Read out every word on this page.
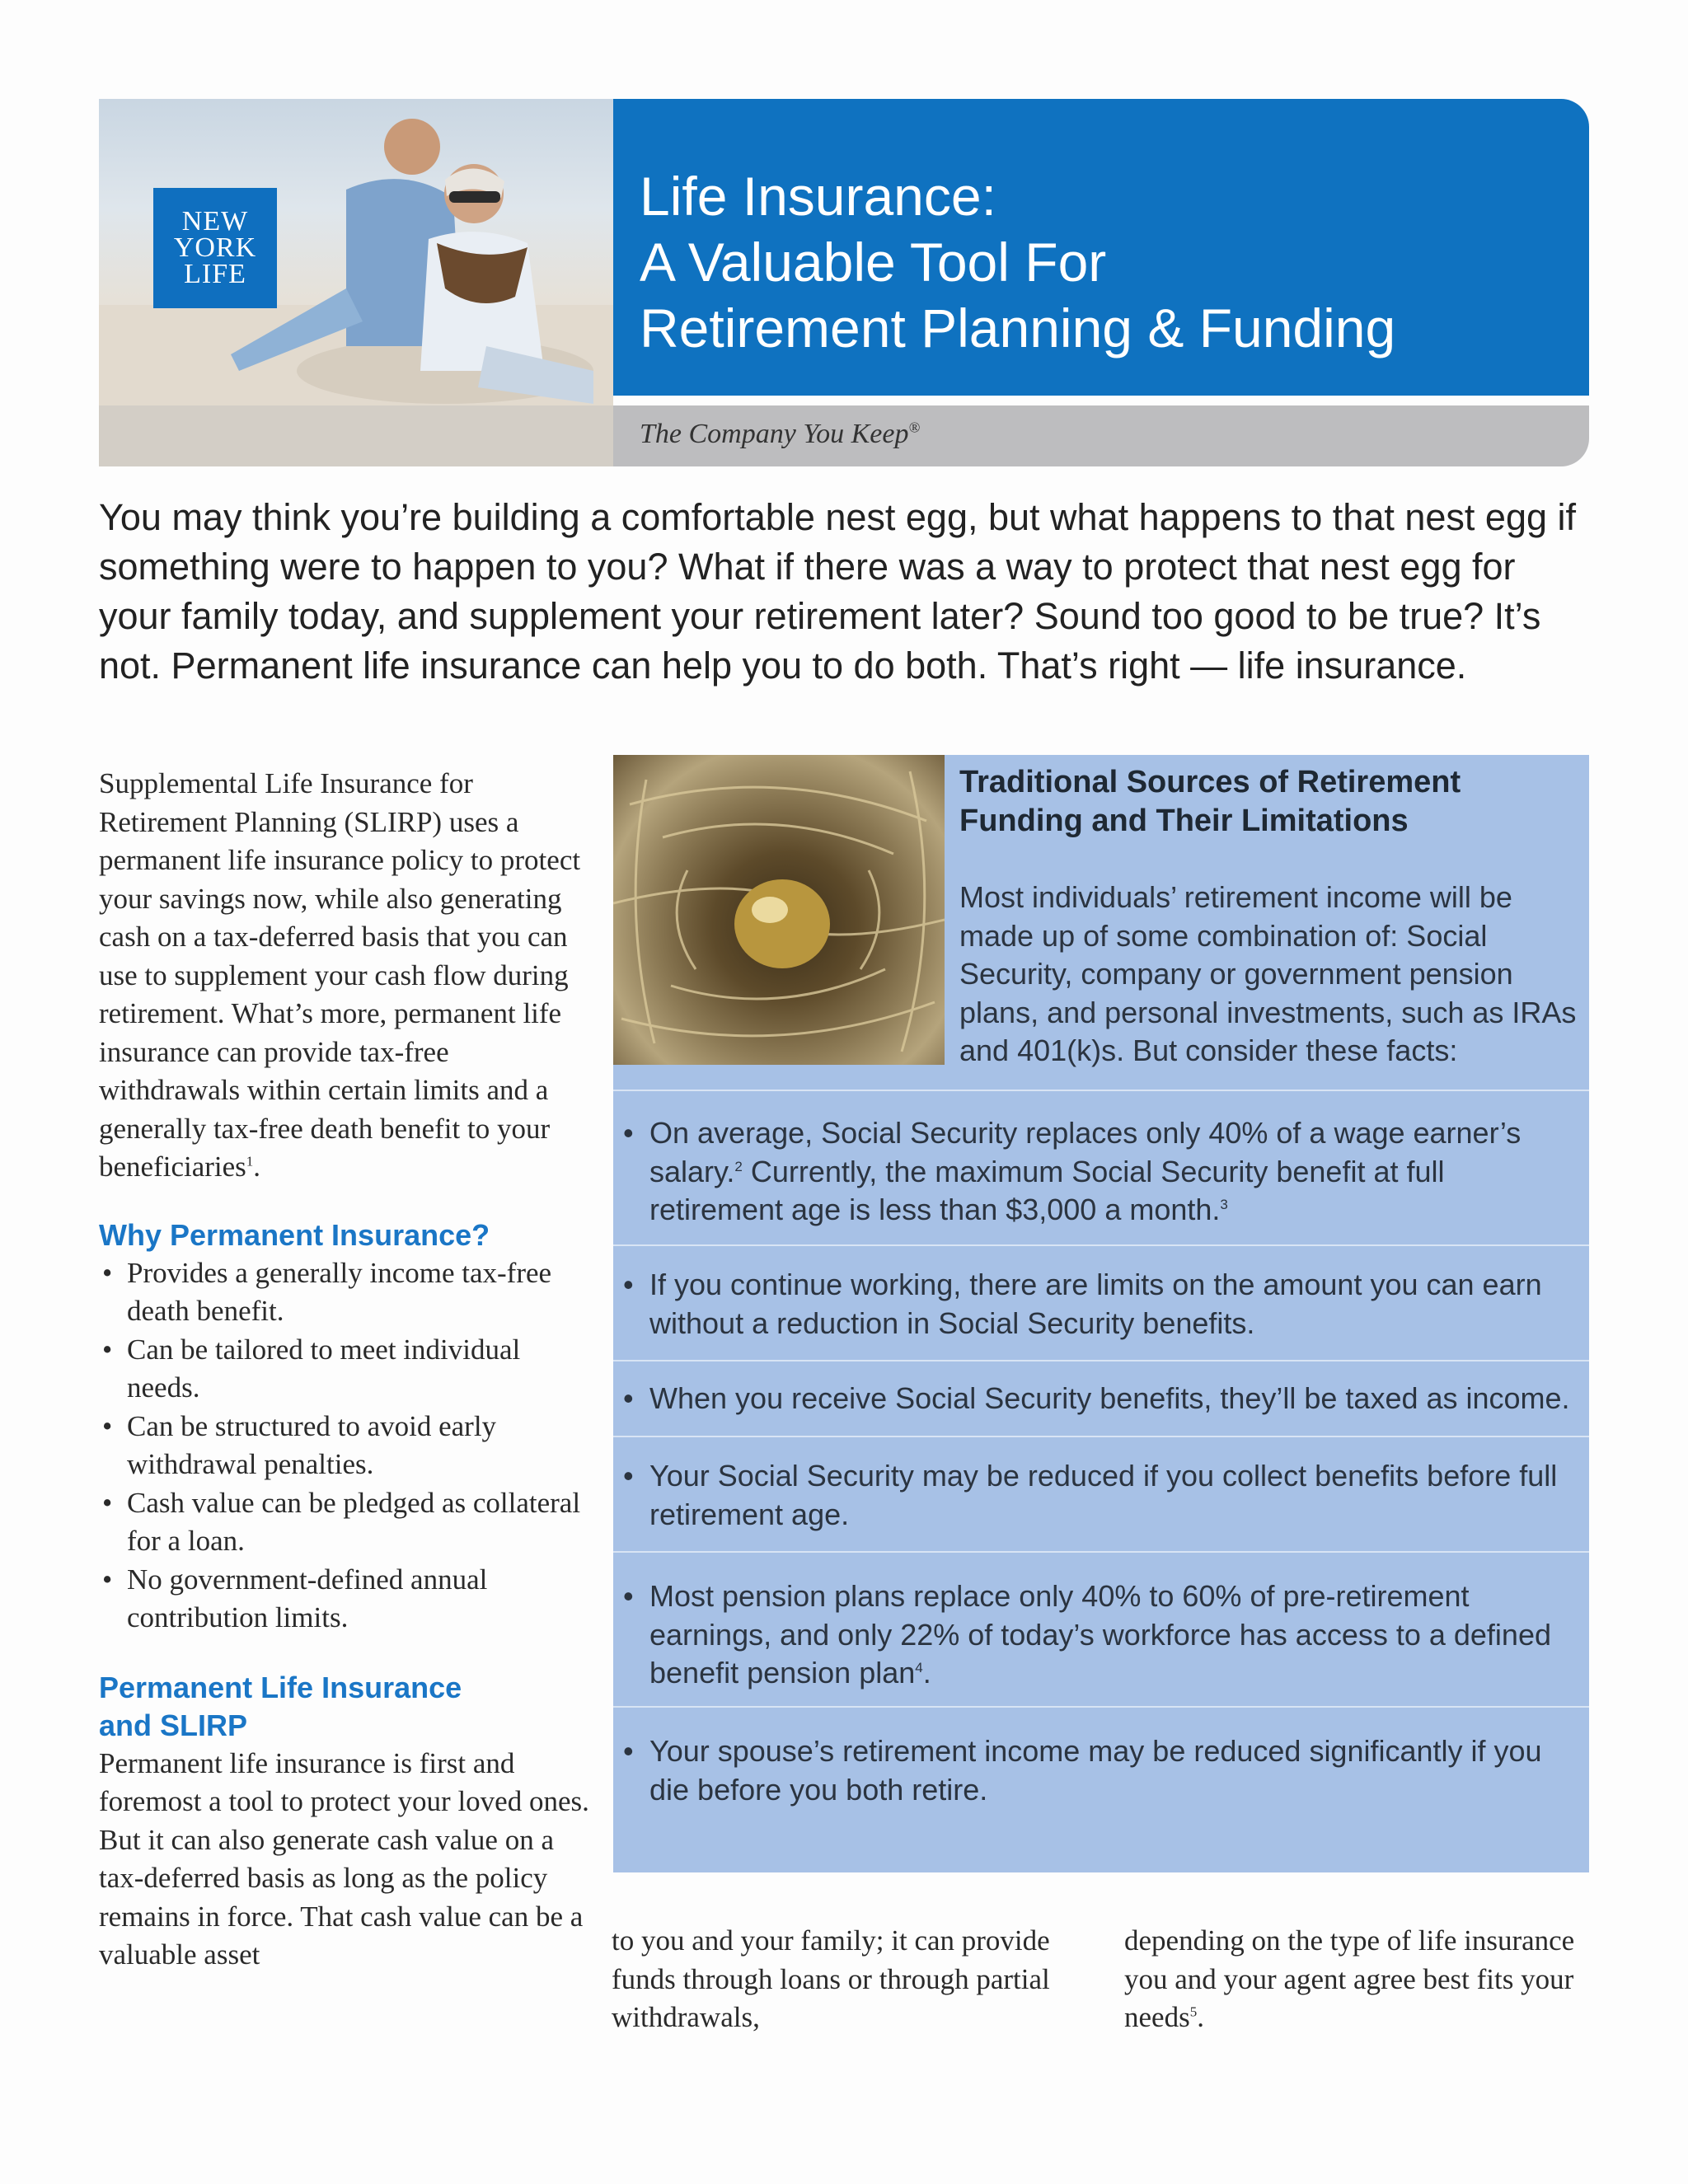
NEW
YORK
LIFE
Life Insurance:
A Valuable Tool For
Retirement Planning & Funding
The Company You Keep®

You may think you’re building a comfortable nest egg, but what happens to that nest egg if something were to happen to you? What if there was a way to protect that nest egg for your family today, and supplement your retirement later? Sound too good to be true? It’s not. Permanent life insurance can help you to do both. That’s right — life insurance.

Supplemental Life Insurance for Retirement Planning (SLIRP) uses a permanent life insurance policy to protect your savings now, while also generating cash on a tax-deferred basis that you can use to supplement your cash flow during retirement. What’s more, permanent life insurance can provide tax-free withdrawals within certain limits and a generally tax-free death benefit to your beneficiaries$^1$.

Why Permanent Insurance?
• Provides a generally income tax-free death benefit.
• Can be tailored to meet individual needs.
• Can be structured to avoid early withdrawal penalties.
• Cash value can be pledged as collateral for a loan.
• No government-defined annual contribution limits.
Permanent Life Insurance
and SLIRP

Permanent life insurance is first and foremost a tool to protect your loved ones. But it can also generate cash value on a tax-deferred basis as long as the policy remains in force. That cash value can be a valuable asset

Traditional Sources of Retirement Funding and Their Limitations

Most individuals’ retirement income will be made up of some combination of: Social Security, company or government pension plans, and personal investments, such as IRAs and 401(k)s. But consider these facts:

• On average, Social Security replaces only 40% of a wage earner’s salary.$^2$ Currently, the maximum Social Security benefit at full retirement age is less than $3,000 a month.$^3$
• If you continue working, there are limits on the amount you can earn without a reduction in Social Security benefits.
• When you receive Social Security benefits, they’ll be taxed as income.
• Your Social Security may be reduced if you collect benefits before full retirement age.
• Most pension plans replace only 40% to 60% of pre-retirement earnings, and only 22% of today’s workforce has access to a defined benefit pension plan$^4$.
• Your spouse’s retirement income may be reduced significantly if you die before you both retire.

to you and your family; it can provide funds through loans or through partial withdrawals,

depending on the type of life insurance you and your agent agree best fits your needs$^5$.
